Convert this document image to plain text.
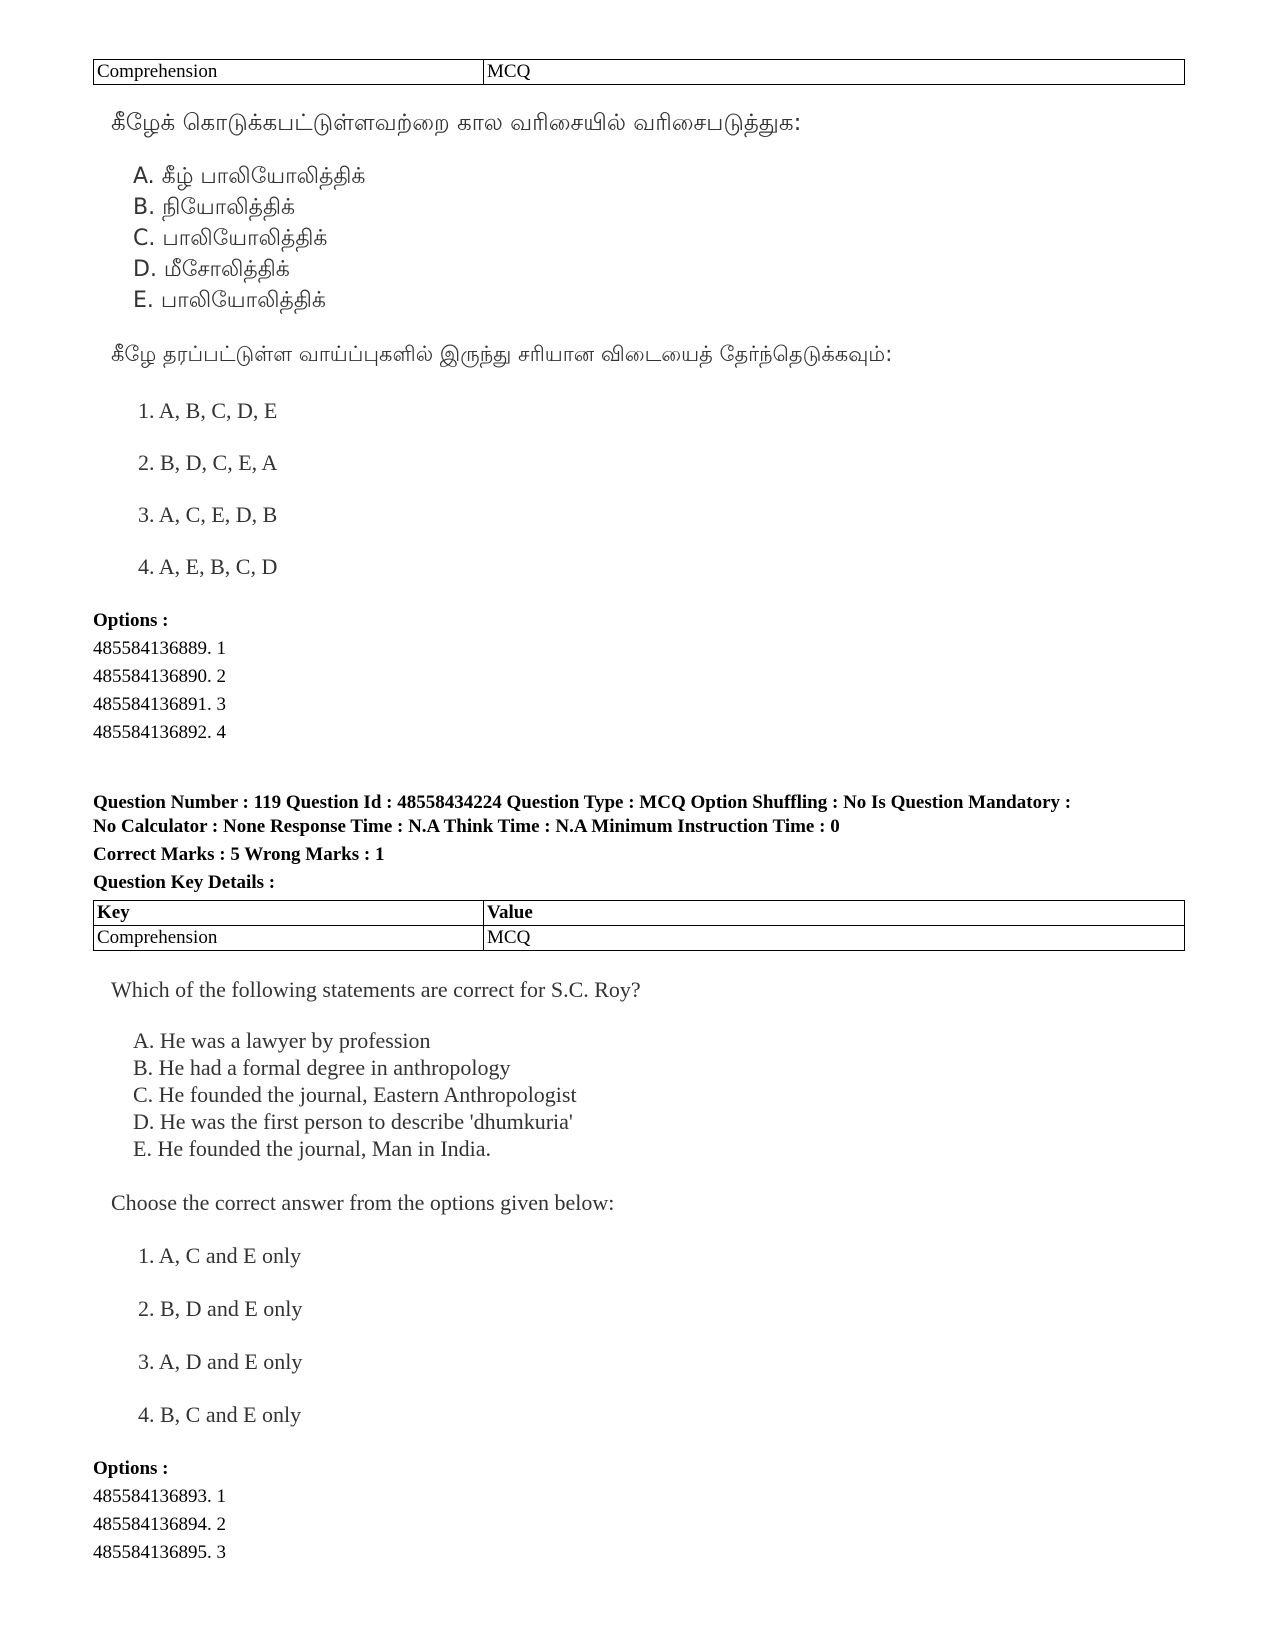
Comprehension	MCQ
கீழேக் கொடுக்கபட்டுள்ளவற்றை கால வரிசையில் வரிசைபடுத்துக:
A. கீழ் பாலியோலித்திக்
B. நியோலித்திக்
C. பாலியோலித்திக்
D. மீசோலித்திக்
E. பாலியோலித்திக்
கீழே தரப்பட்டுள்ள வாய்ப்புகளில் இருந்து சரியான விடையைத் தேர்ந்தெடுக்கவும்:
1. A, B, C, D, E
2. B, D, C, E, A
3. A, C, E, D, B
4. A, E, B, C, D
Options :
485584136889. 1
485584136890. 2
485584136891. 3
485584136892. 4
Question Number : 119 Question Id : 48558434224 Question Type : MCQ Option Shuffling : No Is Question Mandatory :
No Calculator : None Response Time : N.A Think Time : N.A Minimum Instruction Time : 0
Correct Marks : 5 Wrong Marks : 1
Question Key Details :
Key	Value
Comprehension	MCQ
Which of the following statements are correct for S.C. Roy?
A. He was a lawyer by profession
B. He had a formal degree in anthropology
C. He founded the journal, Eastern Anthropologist
D. He was the first person to describe 'dhumkuria'
E. He founded the journal, Man in India.
Choose the correct answer from the options given below:
1. A, C and E only
2. B, D and E only
3. A, D and E only
4. B, C and E only
Options :
485584136893. 1
485584136894. 2
485584136895. 3
